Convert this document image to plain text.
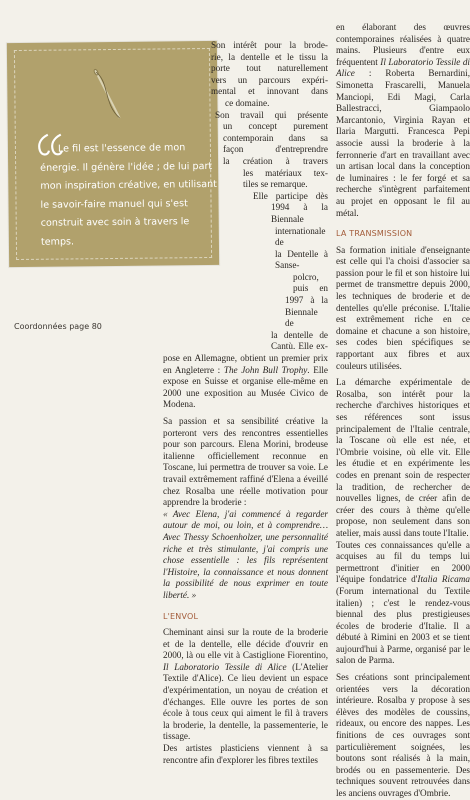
Le fil est l'essence de mon énergie. Il génère l'idée ; de lui part mon inspiration créative, en utilisant le savoir-faire manuel qui s'est construit avec soin à travers le temps.

Coordonnées page 80

Son intérêt pour la brode-

rie, la dentelle et le tissu la

porte tout naturellement

vers un parcours expéri-

mental et innovant dans

ce domaine.

Son travail qui présente

un concept purement

contemporain dans sa

façon d'entreprendre

la création à travers

les matériaux tex-

tiles se remarque.

Elle participe dès

1994 à la Biennale

internationale de

la Dentelle à Sanse-

polcro, puis en

1997 à la Biennale de

la dentelle de Cantù. Elle ex-

pose en Allemagne, obtient un premier prix en Angleterre : The John Bull Trophy. Elle expose en Suisse et organise elle-même en 2000 une exposition au Musée Civico de Modena.

Sa passion et sa sensibilité créative la porteront vers des rencontres essentielles pour son parcours. Elena Morini, brodeuse italienne officiellement reconnue en Toscane, lui permettra de trouver sa voie. Le travail extrêmement raffiné d'Elena a éveillé chez Rosalba une réelle motivation pour apprendre la broderie :

« Avec Elena, j'ai commencé à regarder autour de moi, ou loin, et à comprendre… Avec Thessy Schoenholzer, une personnalité riche et très stimulante, j'ai compris une chose essentielle : les fils représentent l'Histoire, la connaissance et nous donnent la possibilité de nous exprimer en toute liberté. »

L'ENVOL

Cheminant ainsi sur la route de la broderie et de la dentelle, elle décide d'ouvrir en 2000, là ou elle vit à Castiglione Fiorentino, Il Laboratorio Tessile di Alice (L'Atelier Textile d'Alice). Ce lieu devient un espace d'expérimentation, un noyau de création et d'échanges. Elle ouvre les portes de son école à tous ceux qui aiment le fil à travers la broderie, la dentelle, la passementerie, le tissage.

Des artistes plasticiens viennent à sa rencontre afin d'explorer les fibres textiles

en élaborant des œuvres contemporaines réalisées à quatre mains. Plusieurs d'entre eux fréquentent Il Laboratorio Tessile di Alice : Roberta Bernardini, Simonetta Frascarelli, Manuela Manciopi, Edi Magi, Carla Ballestracci, Giampaolo Marcantonio, Virginia Rayan et Ilaria Margutti. Francesca Pepi associe aussi la broderie à la ferronnerie d'art en travaillant avec un artisan local dans la conception de luminaires : le fer forgé et sa recherche s'intègrent parfaitement au projet en opposant le fil au métal.

LA TRANSMISSION

Sa formation initiale d'enseignante est celle qui l'a choisi d'associer sa passion pour le fil et son histoire lui permet de transmettre depuis 2000, les techniques de broderie et de dentelles qu'elle préconise. L'Italie est extrêmement riche en ce domaine et chacune a son histoire, ses codes bien spécifiques se rapportant aux fibres et aux couleurs utilisées.

La démarche expérimentale de Rosalba, son intérêt pour la recherche d'archives historiques et ses références sont issus principalement de l'Italie centrale, la Toscane où elle est née, et l'Ombrie voisine, où elle vit. Elle les étudie et en expérimente les codes en prenant soin de respecter la tradition, de rechercher de nouvelles lignes, de créer afin de créer des cours à thème qu'elle propose, non seulement dans son atelier, mais aussi dans toute l'Italie.

Toutes ces connaissances qu'elle a acquises au fil du temps lui permettront d'initier en 2000 l'équipe fondatrice d'Italia Ricama (Forum international du Textile italien) ; c'est le rendez-vous biennal des plus prestigieuses écoles de broderie d'Italie. Il a débuté à Rimini en 2003 et se tient aujourd'hui à Parme, organisé par le salon de Parma.

Ses créations sont principalement orientées vers la décoration intérieure. Rosalba y propose à ses élèves des modèles de coussins, rideaux, ou encore des nappes. Les finitions de ces ouvrages sont particulièrement soignées, les boutons sont réalisés à la main, brodés ou en passementerie. Des techniques souvent retrouvées dans les anciens ouvrages d'Ombrie.
